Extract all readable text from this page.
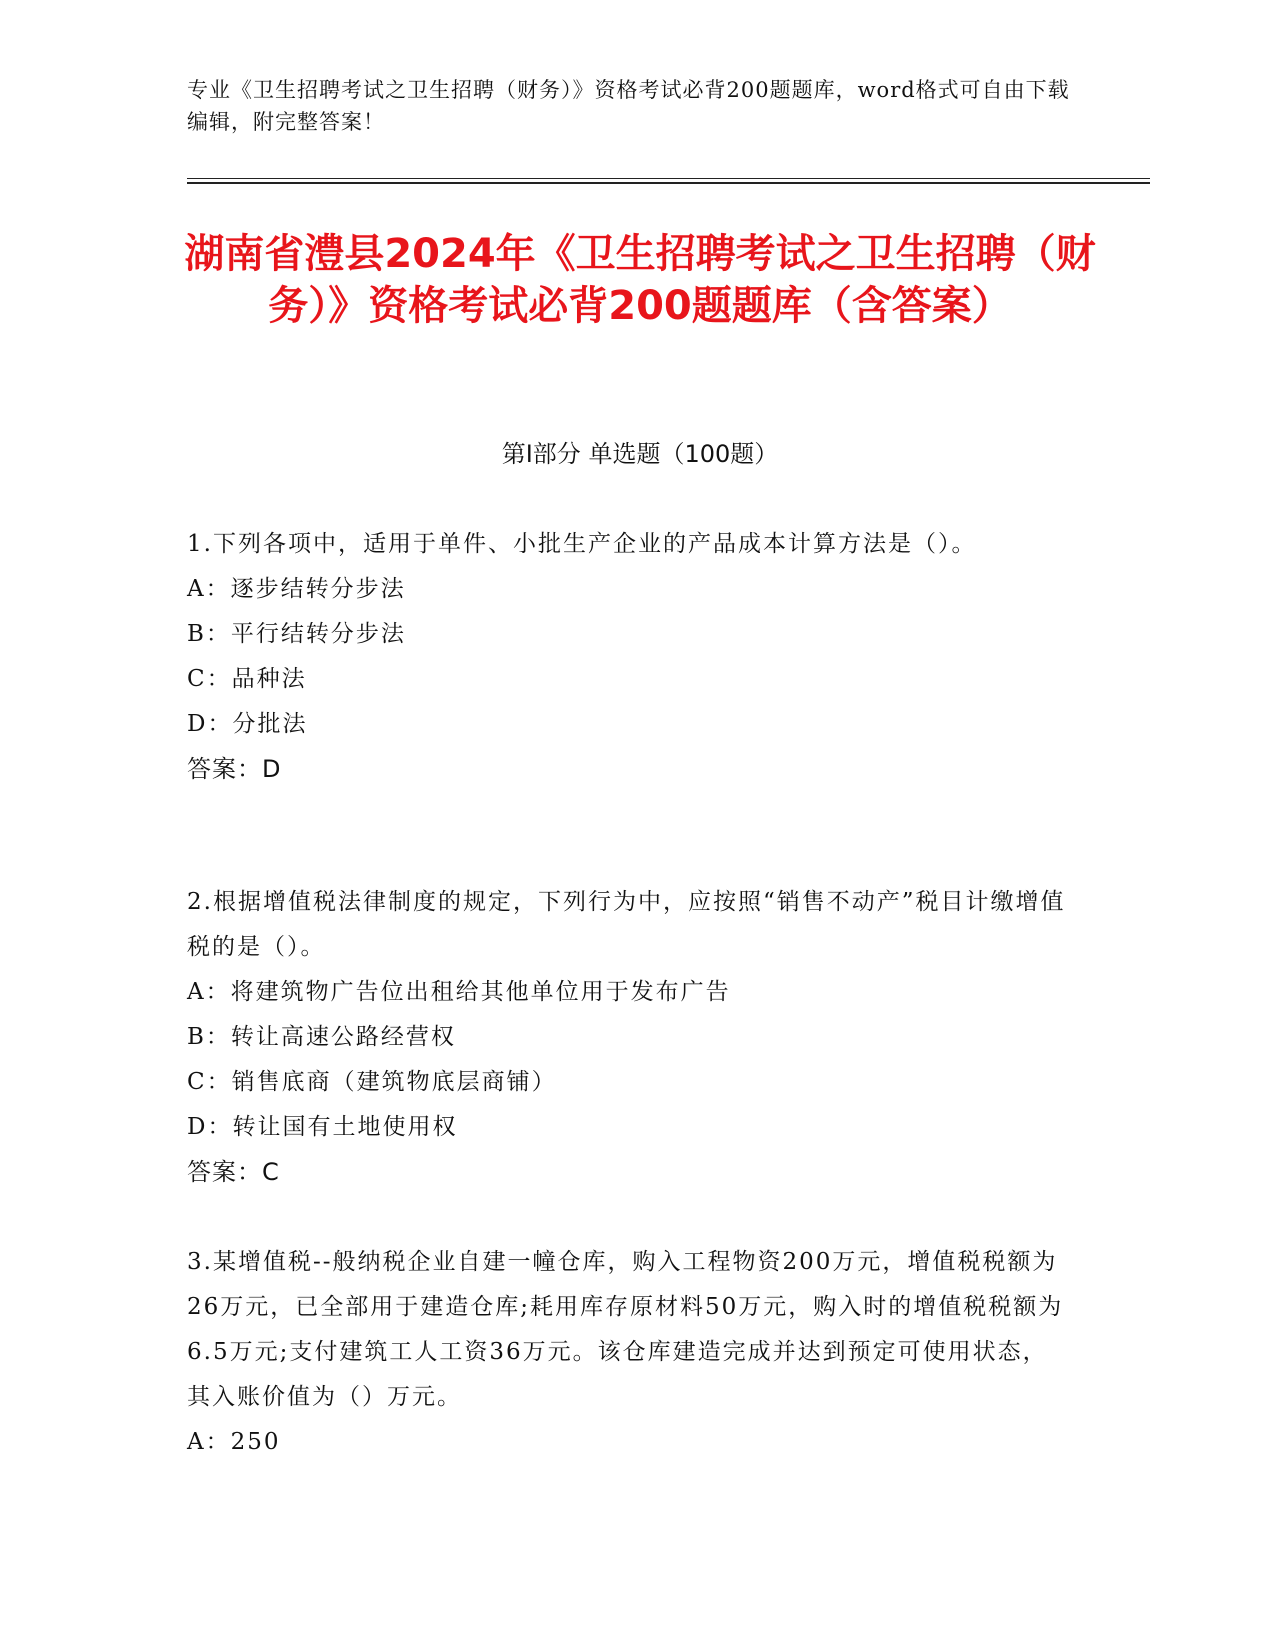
专业《卫生招聘考试之卫生招聘（财务）》资格考试必背200题题库，word格式可自由下载编辑，附完整答案！
湖南省澧县2024年《卫生招聘考试之卫生招聘（财务）》资格考试必背200题题库（含答案）
第Ⅰ部分 单选题（100题）

1.下列各项中，适用于单件、小批生产企业的产品成本计算方法是（）。

A：逐步结转分步法

B：平行结转分步法

C：品种法

D：分批法

答案：D

2.根据增值税法律制度的规定，下列行为中，应按照“销售不动产”税目计缴增值税的是（）。

A：将建筑物广告位出租给其他单位用于发布广告

B：转让高速公路经营权

C：销售底商（建筑物底层商铺）

D：转让国有土地使用权

答案：C

3.某增值税--般纳税企业自建一幢仓库，购入工程物资200万元，增值税税额为26万元，已全部用于建造仓库;耗用库存原材料50万元，购入时的增值税税额为6.5万元;支付建筑工人工资36万元。该仓库建造完成并达到预定可使用状态，其入账价值为（）万元。

A：250
